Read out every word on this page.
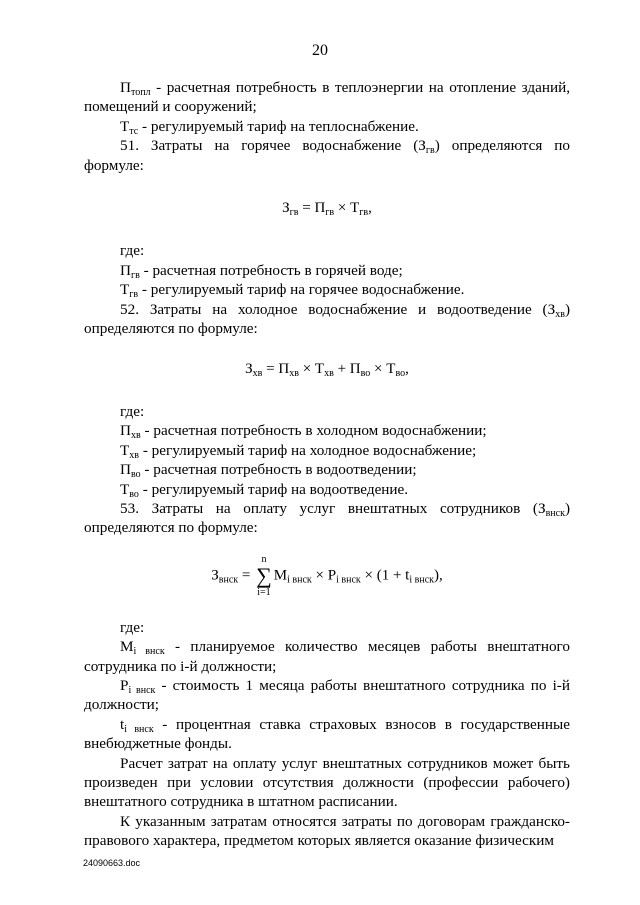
20

$П_{топл}$ - расчетная потребность в теплоэнергии на отопление зданий, помещений и сооружений;

$Т_{тс}$ - регулируемый тариф на теплоснабжение.

51. Затраты на горячее водоснабжение $(З_{гв})$ определяются по формуле:

$З_{гв} = П_{гв} \times Т_{гв}$,

где:

$П_{гв}$ - расчетная потребность в горячей воде;

$Т_{гв}$ - регулируемый тариф на горячее водоснабжение.

52. Затраты на холодное водоснабжение и водоотведение $(З_{хв})$ определяются по формуле:

$З_{хв} = П_{хв} \times Т_{хв} + П_{во} \times Т_{во}$,

где:

$П_{хв}$ - расчетная потребность в холодном водоснабжении;

$Т_{хв}$ - регулируемый тариф на холодное водоснабжение;

$П_{во}$ - расчетная потребность в водоотведении;

$Т_{во}$ - регулируемый тариф на водоотведение.

53. Затраты на оплату услуг внештатных сотрудников $(З_{внск})$ определяются по формуле:

$З_{внск}$ =
n
∑
i=1
$M_{i внск} \times P_{i внск} \times (1 + t_{i внск})$,

где:

$M_{i внск}$ - планируемое количество месяцев работы внештатного сотрудника по i-й должности;

$P_{i внск}$ - стоимость 1 месяца работы внештатного сотрудника по i-й должности;

$t_{i внск}$ - процентная ставка страховых взносов в государственные внебюджетные фонды.

Расчет затрат на оплату услуг внештатных сотрудников может быть произведен при условии отсутствия должности (профессии рабочего) внештатного сотрудника в штатном расписании.

К указанным затратам относятся затраты по договорам гражданско-правового характера, предметом которых является оказание физическим

24090663.doc
